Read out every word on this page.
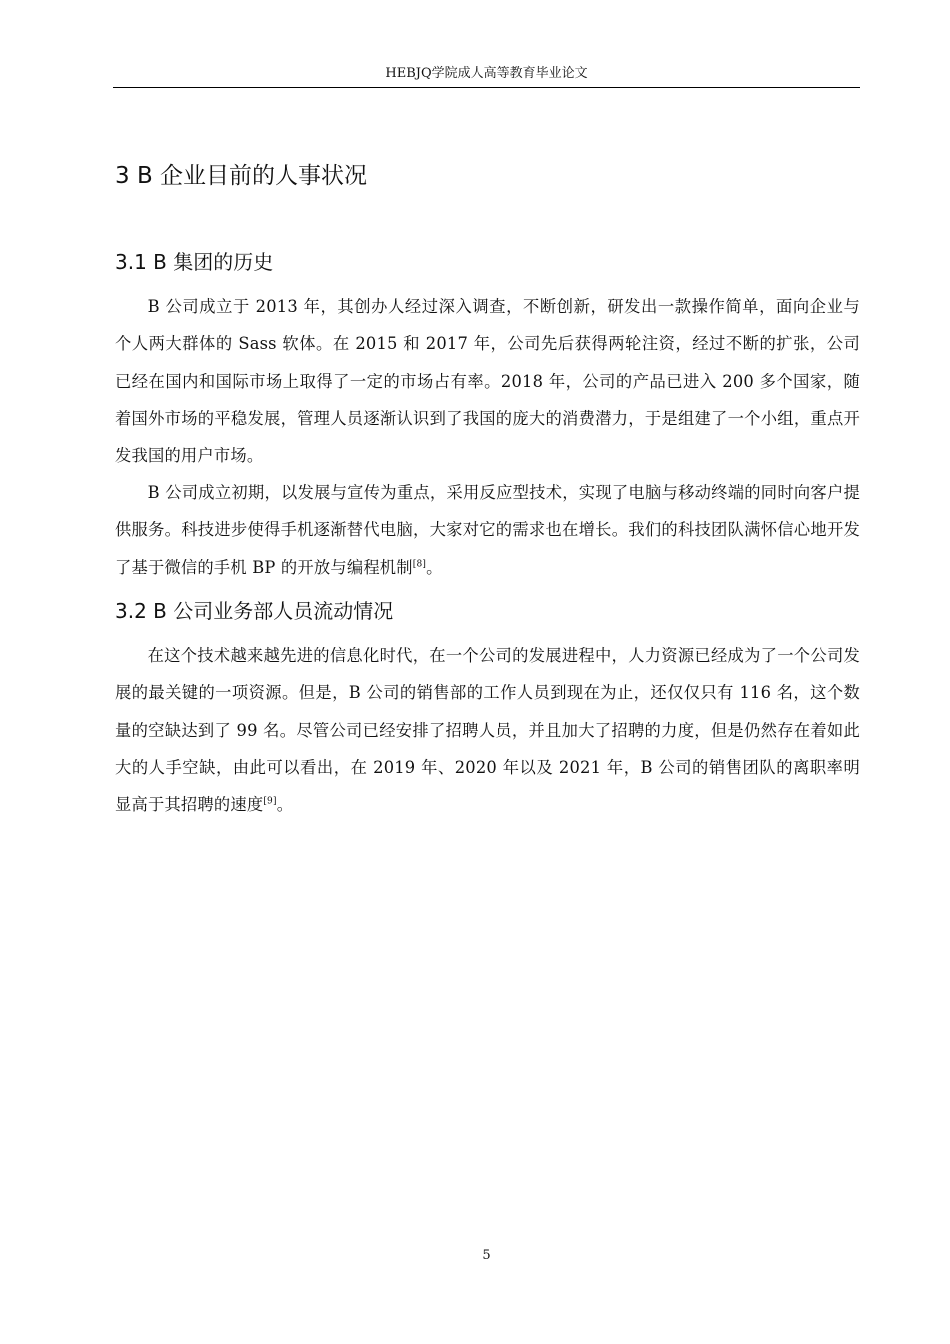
HEBJQ学院成人高等教育毕业论文
3 B 企业目前的人事状况
3.1 B 集团的历史

B 公司成立于 2013 年，其创办人经过深入调查，不断创新，研发出一款操作简单，面向企业与个人两大群体的 Sass 软体。在 2015 和 2017 年，公司先后获得两轮注资，经过不断的扩张，公司已经在国内和国际市场上取得了一定的市场占有率。2018 年，公司的产品已进入 200 多个国家，随着国外市场的平稳发展，管理人员逐渐认识到了我国的庞大的消费潜力，于是组建了一个小组，重点开发我国的用户市场。

B 公司成立初期，以发展与宣传为重点，采用反应型技术，实现了电脑与移动终端的同时向客户提供服务。科技进步使得手机逐渐替代电脑，大家对它的需求也在增长。我们的科技团队满怀信心地开发了基于微信的手机 BP 的开放与编程机制[8]。

3.2 B 公司业务部人员流动情况

在这个技术越来越先进的信息化时代，在一个公司的发展进程中，人力资源已经成为了一个公司发展的最关键的一项资源。但是，B 公司的销售部的工作人员到现在为止，还仅仅只有 116 名，这个数量的空缺达到了 99 名。尽管公司已经安排了招聘人员，并且加大了招聘的力度，但是仍然存在着如此大的人手空缺，由此可以看出，在 2019 年、2020 年以及 2021 年，B 公司的销售团队的离职率明显高于其招聘的速度[9]。

5
